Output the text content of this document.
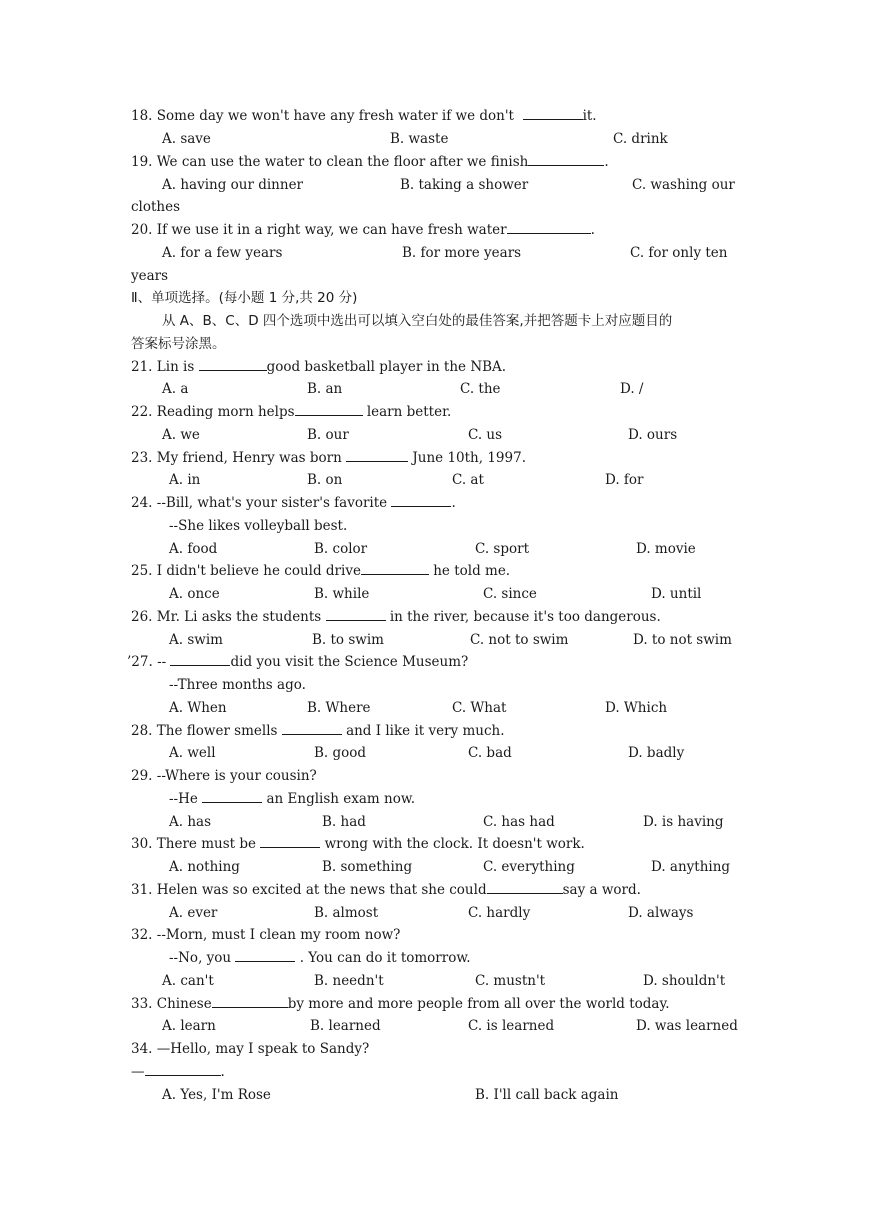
18. Some day we won't have any fresh water if we don't	it.
A. save	B. waste	C. drink
19. We can use the water to clean the floor after we finish	.
A. having our dinner	B. taking a shower	C. washing our
clothes
20. If we use it in a right way, we can have fresh water	.
A. for a few years	B. for more years	C. for only ten
years
Ⅱ、单项选择。(每小题 1 分,共 20 分)
从 A、B、C、D 四个选项中选出可以填入空白处的最佳答案,并把答题卡上对应题目的
答案标号涂黑。
21. Lin is	good basketball player in the NBA.
A. a	B. an	C. the	D. /
22. Reading morn helps	learn better.
A. we	B. our	C. us	D. ours
23. My friend, Henry was born	June 10th, 1997.
A. in	B. on	C. at	D. for
24. --Bill, what's your sister's favorite	.
--She likes volleyball best.
A. food	B. color	C. sport	D. movie
25. I didn't believe he could drive	he told me.
A. once	B. while	C. since	D. until
26. Mr. Li asks the students	in the river, because it's too dangerous.
A. swim	B. to swim	C. not to swim	D. to not swim
’27. --	did you visit the Science Museum?
--Three months ago.
A. When	B. Where	C. What	D. Which
28. The flower smells	and I like it very much.
A. well	B. good	C. bad	D. badly
29. --Where is your cousin?
--He	an English exam now.
A. has	B. had	C. has had	D. is having
30. There must be	wrong with the clock. It doesn't work.
A. nothing	B. something	C. everything	D. anything
31. Helen was so excited at the news that she could	say a word.
A. ever	B. almost	C. hardly	D. always
32. --Morn, must I clean my room now?
--No, you	. You can do it tomorrow.
A. can't	B. needn't	C. mustn't	D. shouldn't
33. Chinese	by more and more people from all over the world today.
A. learn	B. learned	C. is learned	D. was learned
34. —Hello, may I speak to Sandy?
—	.
A. Yes, I'm Rose	B. I'll call back again
